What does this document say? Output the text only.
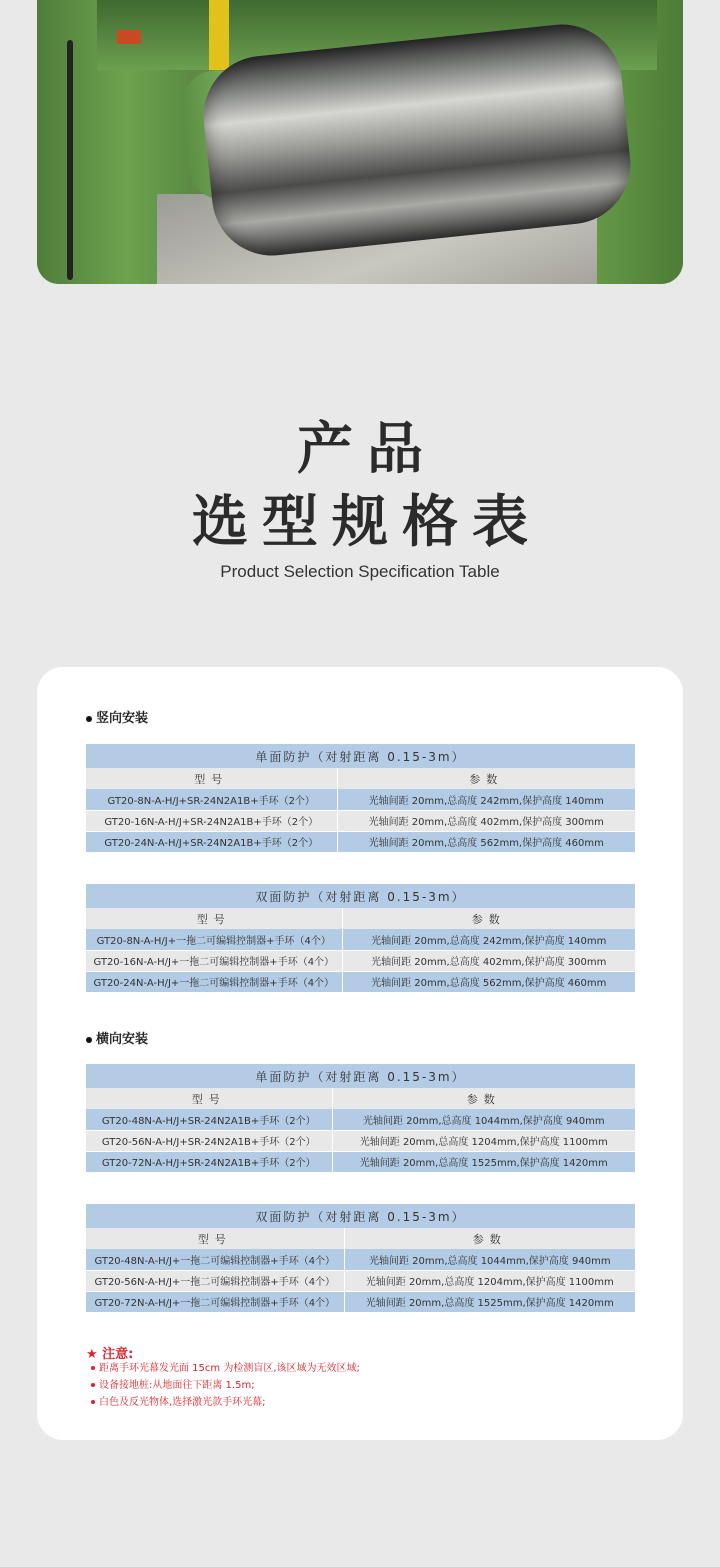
产品
选型规格表
Product Selection Specification Table
竖向安装
单面防护（对射距离 0.15-3m）	
型号	参数
GT20-8N-A-H/J+SR-24N2A1B+手环（2个）	光轴间距 20mm,总高度 242mm,保护高度 140mm
GT20-16N-A-H/J+SR-24N2A1B+手环（2个）	光轴间距 20mm,总高度 402mm,保护高度 300mm
GT20-24N-A-H/J+SR-24N2A1B+手环（2个）	光轴间距 20mm,总高度 562mm,保护高度 460mm
双面防护（对射距离 0.15-3m）	
型号	参数
GT20-8N-A-H/J+一拖二可编辑控制器+手环（4个）	光轴间距 20mm,总高度 242mm,保护高度 140mm
GT20-16N-A-H/J+一拖二可编辑控制器+手环（4个）	光轴间距 20mm,总高度 402mm,保护高度 300mm
GT20-24N-A-H/J+一拖二可编辑控制器+手环（4个）	光轴间距 20mm,总高度 562mm,保护高度 460mm
横向安装
单面防护（对射距离 0.15-3m）	
型号	参数
GT20-48N-A-H/J+SR-24N2A1B+手环（2个）	光轴间距 20mm,总高度 1044mm,保护高度 940mm
GT20-56N-A-H/J+SR-24N2A1B+手环（2个）	光轴间距 20mm,总高度 1204mm,保护高度 1100mm
GT20-72N-A-H/J+SR-24N2A1B+手环（2个）	光轴间距 20mm,总高度 1525mm,保护高度 1420mm
双面防护（对射距离 0.15-3m）	
型号	参数
GT20-48N-A-H/J+一拖二可编辑控制器+手环（4个）	光轴间距 20mm,总高度 1044mm,保护高度 940mm
GT20-56N-A-H/J+一拖二可编辑控制器+手环（4个）	光轴间距 20mm,总高度 1204mm,保护高度 1100mm
GT20-72N-A-H/J+一拖二可编辑控制器+手环（4个）	光轴间距 20mm,总高度 1525mm,保护高度 1420mm
★ 注意:
距离手环光幕发光面 15cm 为检测盲区,该区域为无效区域;
设备接地桩:从地面往下距离 1.5m;
白色及反光物体,选择激光款手环光幕;
